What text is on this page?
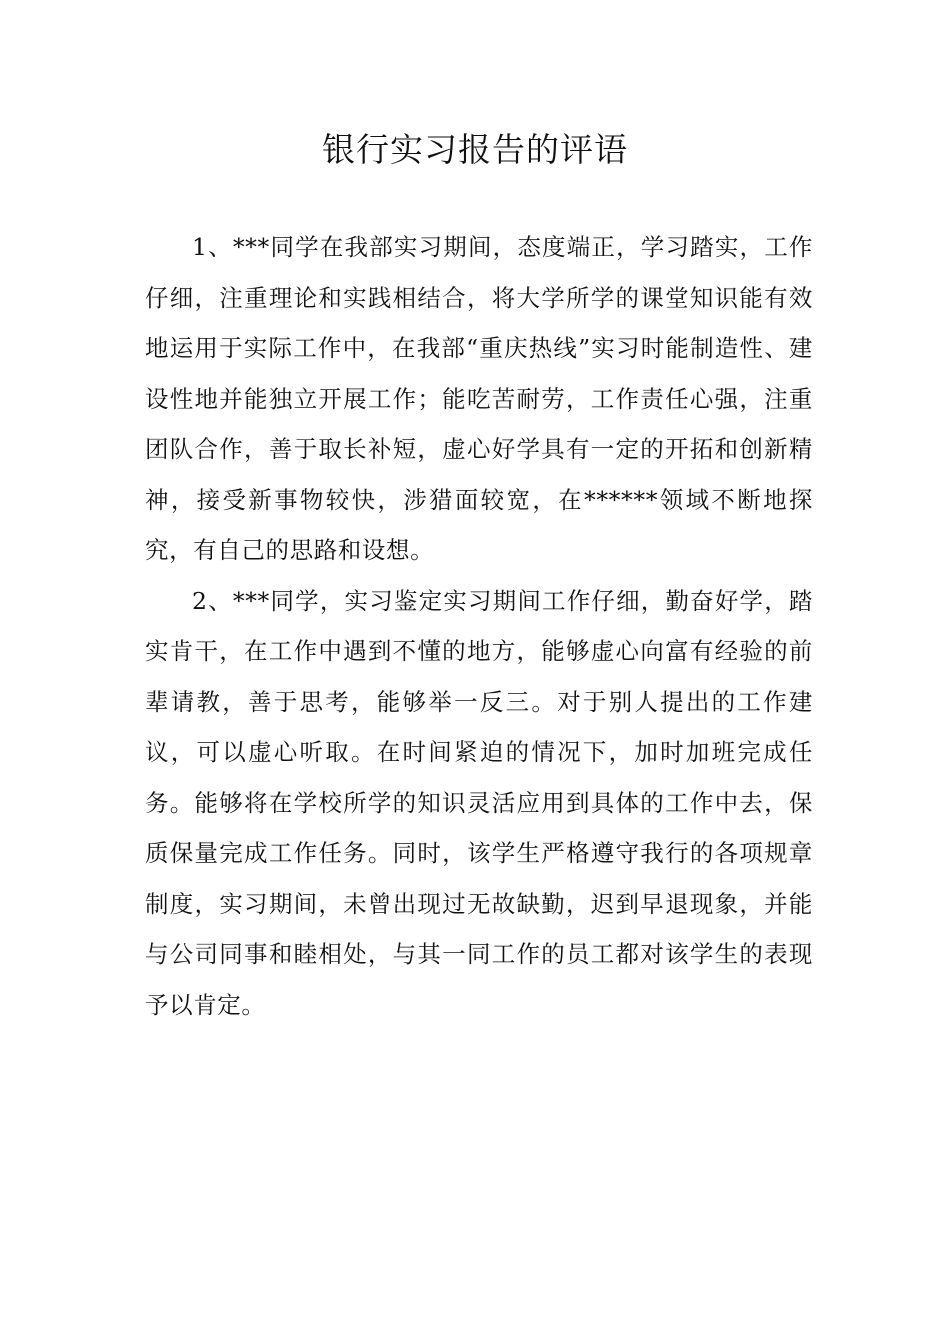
银行实习报告的评语

1、***同学在我部实习期间，态度端正，学习踏实，工作仔细，注重理论和实践相结合，将大学所学的课堂知识能有效地运用于实际工作中，在我部“重庆热线”实习时能制造性、建设性地并能独立开展工作；能吃苦耐劳，工作责任心强，注重团队合作，善于取长补短，虚心好学具有一定的开拓和创新精神，接受新事物较快，涉猎面较宽，在******领域不断地探究，有自己的思路和设想。

2、***同学，实习鉴定实习期间工作仔细，勤奋好学，踏实肯干，在工作中遇到不懂的地方，能够虚心向富有经验的前辈请教，善于思考，能够举一反三。对于别人提出的工作建议，可以虚心听取。在时间紧迫的情况下，加时加班完成任务。能够将在学校所学的知识灵活应用到具体的工作中去，保质保量完成工作任务。同时，该学生严格遵守我行的各项规章制度，实习期间，未曾出现过无故缺勤，迟到早退现象，并能与公司同事和睦相处，与其一同工作的员工都对该学生的表现予以肯定。
